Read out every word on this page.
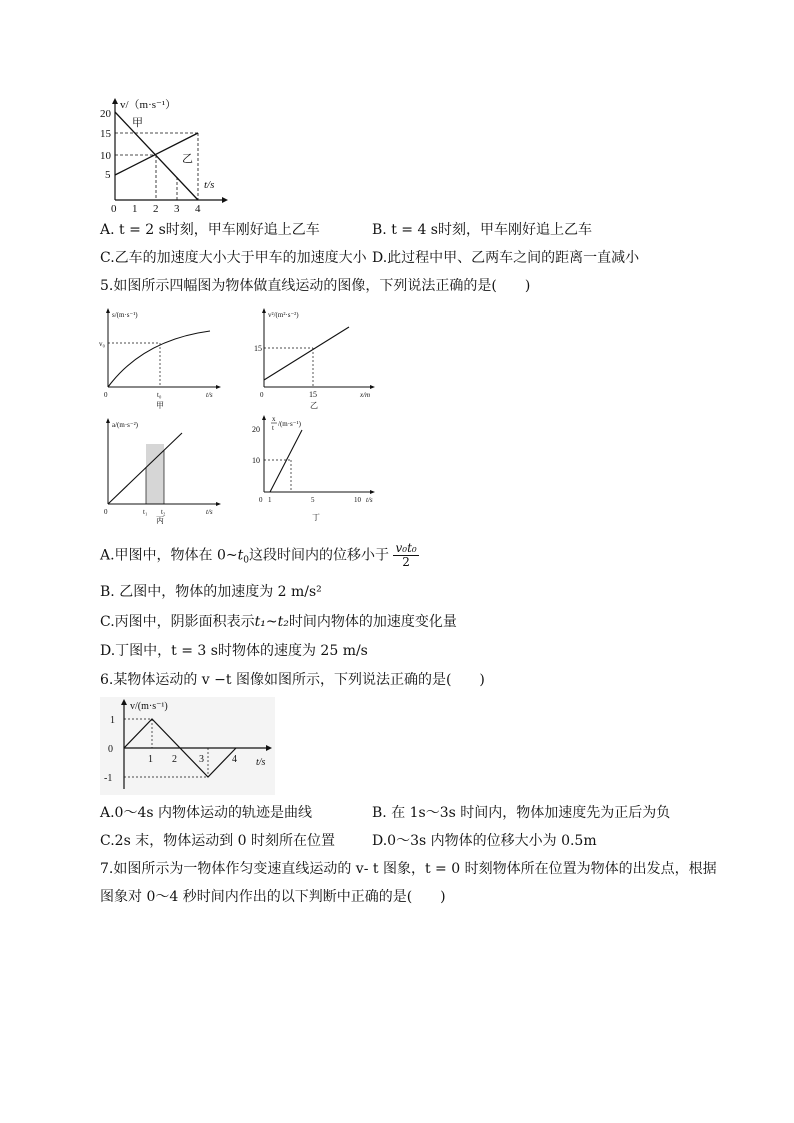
v/（m·s⁻¹）
甲
乙
t/s
20
15
10
5
0 1 2 3 4
A. t = 2 s时刻，甲车刚好追上乙车	B. t = 4 s时刻，甲车刚好追上乙车
C.乙车的加速度大小大于甲车的加速度大小 D.此过程中甲、乙两车之间的距离一直减小
5.如图所示四幅图为物体做直线运动的图像，下列说法正确的是(　　)
s/(m·s⁻¹)
v₀
0	t₀	t/s
甲
v²/(m²·s⁻²)
15
0	15	x/m
乙
a/(m·s⁻²)
0	t₁ t₂	t/s
丙
x
t /(m·s⁻¹)
20
10
0 1	5	10 t/s
丁
A.甲图中，物体在 $0\sim t_0$这段时间内的位移小于 $\frac{\text{v₀t₀}}{2}$
B. 乙图中，物体的加速度为 2 m/s²
C.丙图中，阴影面积表示t₁~t₂时间内物体的加速度变化量
D.丁图中，t = 3 s时物体的速度为 25 m/s
6.某物体运动的 v −t 图像如图所示，下列说法正确的是(　　)
v/(m·s⁻¹)
1
0
-1
1 2 3	4 t/s
A.0～4s 内物体运动的轨迹是曲线	B. 在 1s～3s 时间内，物体加速度先为正后为负
C.2s 末，物体运动到 0 时刻所在位置	D.0～3s 内物体的位移大小为 0.5m
7.如图所示为一物体作匀变速直线运动的 v- t 图象，t = 0 时刻物体所在位置为物体的出发点，根据
图象对 0～4 秒时间内作出的以下判断中正确的是(　　)
